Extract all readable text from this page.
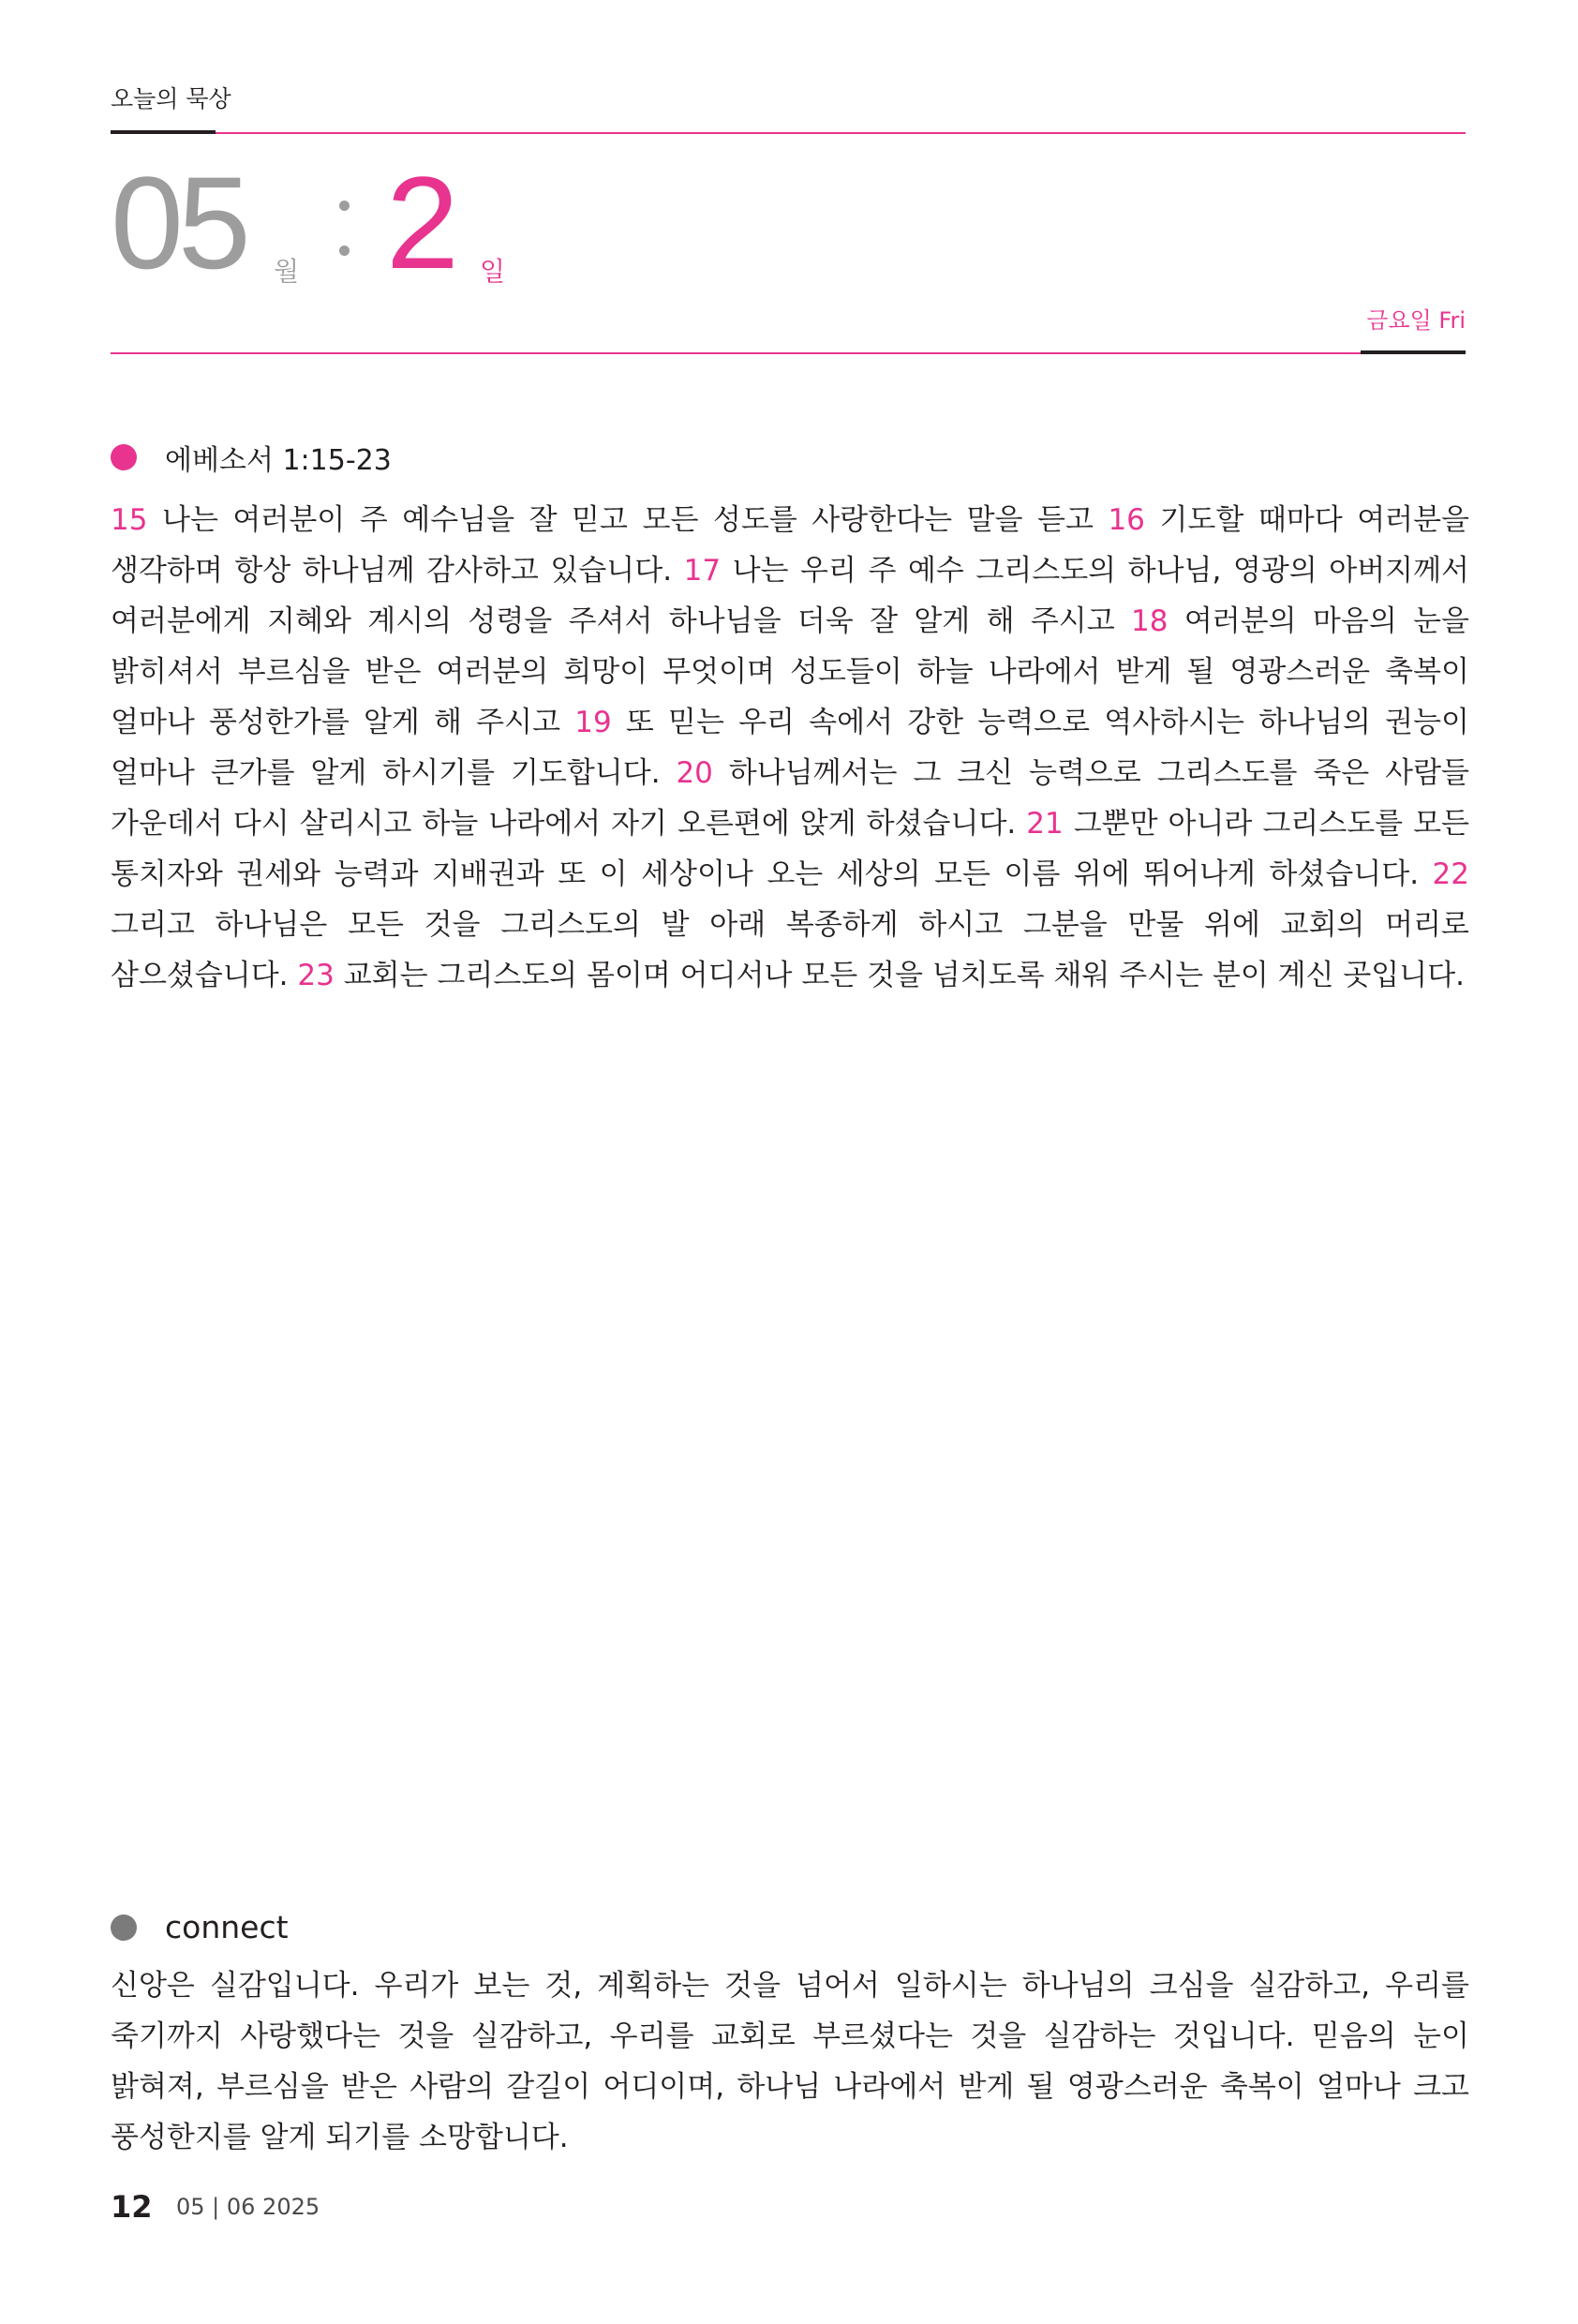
오늘의 묵상
05 월 2 일
금요일 Fri
에베소서 1:15-23
15 나는 여러분이 주 예수님을 잘 믿고 모든 성도를 사랑한다는 말을 듣고 16 기도할 때마다 여러분을 생각하며 항상 하나님께 감사하고 있습니다. 17 나는 우리 주 예수 그리스도의 하나님, 영광의 아버지께서 여러분에게 지혜와 계시의 성령을 주셔서 하나님을 더욱 잘 알게 해 주시고 18 여러분의 마음의 눈을 밝히셔서 부르심을 받은 여러분의 희망이 무엇이며 성도들이 하늘 나라에서 받게 될 영광스러운 축복이 얼마나 풍성한가를 알게 해 주시고 19 또 믿는 우리 속에서 강한 능력으로 역사하시는 하나님의 권능이 얼마나 큰가를 알게 하시기를 기도합니다. 20 하나님께서는 그 크신 능력으로 그리스도를 죽은 사람들 가운데서 다시 살리시고 하늘 나라에서 자기 오른편에 앉게 하셨습니다. 21 그뿐만 아니라 그리스도를 모든 통치자와 권세와 능력과 지배권과 또 이 세상이나 오는 세상의 모든 이름 위에 뛰어나게 하셨습니다. 22 그리고 하나님은 모든 것을 그리스도의 발 아래 복종하게 하시고 그분을 만물 위에 교회의 머리로 삼으셨습니다. 23 교회는 그리스도의 몸이며 어디서나 모든 것을 넘치도록 채워 주시는 분이 계신 곳입니다.
connect
신앙은 실감입니다. 우리가 보는 것, 계획하는 것을 넘어서 일하시는 하나님의 크심을 실감하고, 우리를 죽기까지 사랑했다는 것을 실감하고, 우리를 교회로 부르셨다는 것을 실감하는 것입니다. 믿음의 눈이 밝혀져, 부르심을 받은 사람의 갈길이 어디이며, 하나님 나라에서 받게 될 영광스러운 축복이 얼마나 크고 풍성한지를 알게 되기를 소망합니다.
12 05 | 06 2025
